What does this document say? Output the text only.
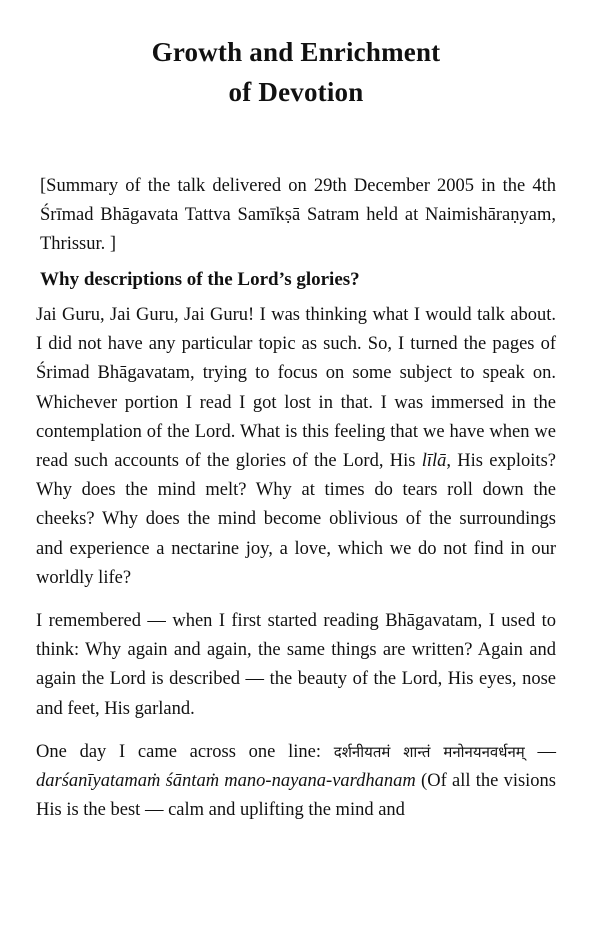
Growth and Enrichment
of Devotion

[Summary of the talk delivered on 29th December 2005 in the 4th Śrīmad Bhāgavata Tattva Samīkṣā Satram held at Naimishāraṇyam, Thrissur. ]

Why descriptions of the Lord’s glories?

Jai Guru, Jai Guru, Jai Guru! I was thinking what I would talk about. I did not have any particular topic as such. So, I turned the pages of Śrimad Bhāgavatam, trying to focus on some subject to speak on. Whichever portion I read I got lost in that. I was immersed in the contemplation of the Lord. What is this feeling that we have when we read such accounts of the glories of the Lord, His līlā, His exploits? Why does the mind melt? Why at times do tears roll down the cheeks? Why does the mind become oblivious of the surroundings and experience a nectarine joy, a love, which we do not find in our worldly life?

I remembered — when I first started reading Bhāgavatam, I used to think: Why again and again, the same things are written? Again and again the Lord is described — the beauty of the Lord, His eyes, nose and feet, His garland.

One day I came across one line: दर्शनीयतमं शान्तं मनोनयनवर्धनम् — darśanīyatamaṁ śāntaṁ mano-nayana-vardhanam (Of all the visions His is the best — calm and uplifting the mind and
